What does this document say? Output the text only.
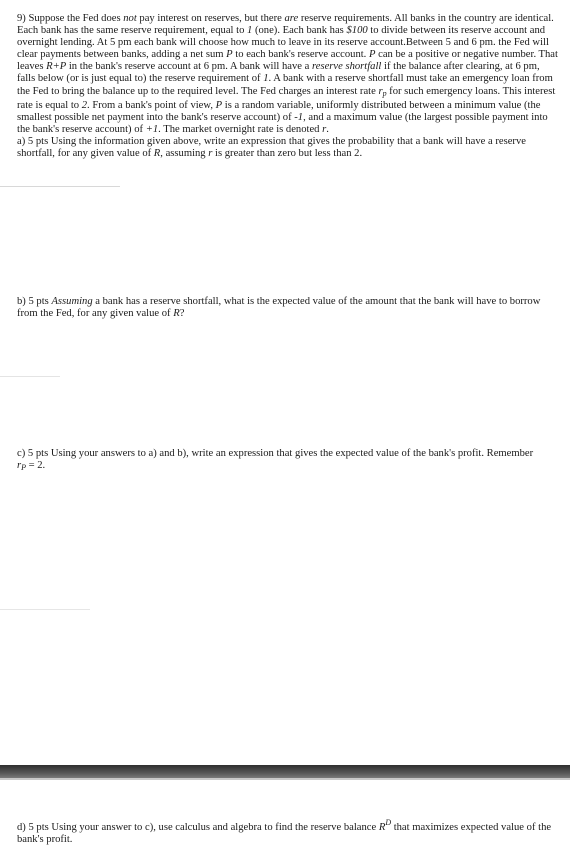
9) Suppose the Fed does not pay interest on reserves, but there are reserve requirements. All banks in the country are identical. Each bank has the same reserve requirement, equal to 1 (one). Each bank has $100 to divide between its reserve account and overnight lending. At 5 pm each bank will choose how much to leave in its reserve account.Between 5 and 6 pm. the Fed will clear payments between banks, adding a net sum P to each bank's reserve account. P can be a positive or negative number. That leaves R+P in the bank's reserve account at 6 pm. A bank will have a reserve shortfall if the balance after clearing, at 6 pm, falls below (or is just equal to) the reserve requirement of 1. A bank with a reserve shortfall must take an emergency loan from the Fed to bring the balance up to the required level. The Fed charges an interest rate $r_p$ for such emergency loans. This interest rate is equal to 2. From a bank's point of view, P is a random variable, uniformly distributed between a minimum value (the smallest possible net payment into the bank's reserve account) of -1, and a maximum value (the largest possible payment into the bank's reserve account) of +1. The market overnight rate is denoted r.

a) 5 pts Using the information given above, write an expression that gives the probability that a bank will have a reserve shortfall, for any given value of R, assuming r is greater than zero but less than 2.

b) 5 pts Assuming a bank has a reserve shortfall, what is the expected value of the amount that the bank will have to borrow from the Fed, for any given value of R?

c) 5 pts Using your answers to a) and b), write an expression that gives the expected value of the bank's profit. Remember
$r_P = 2$.

d) 5 pts Using your answer to c), use calculus and algebra to find the reserve balance $R^D$ that maximizes expected value of the bank's profit.
